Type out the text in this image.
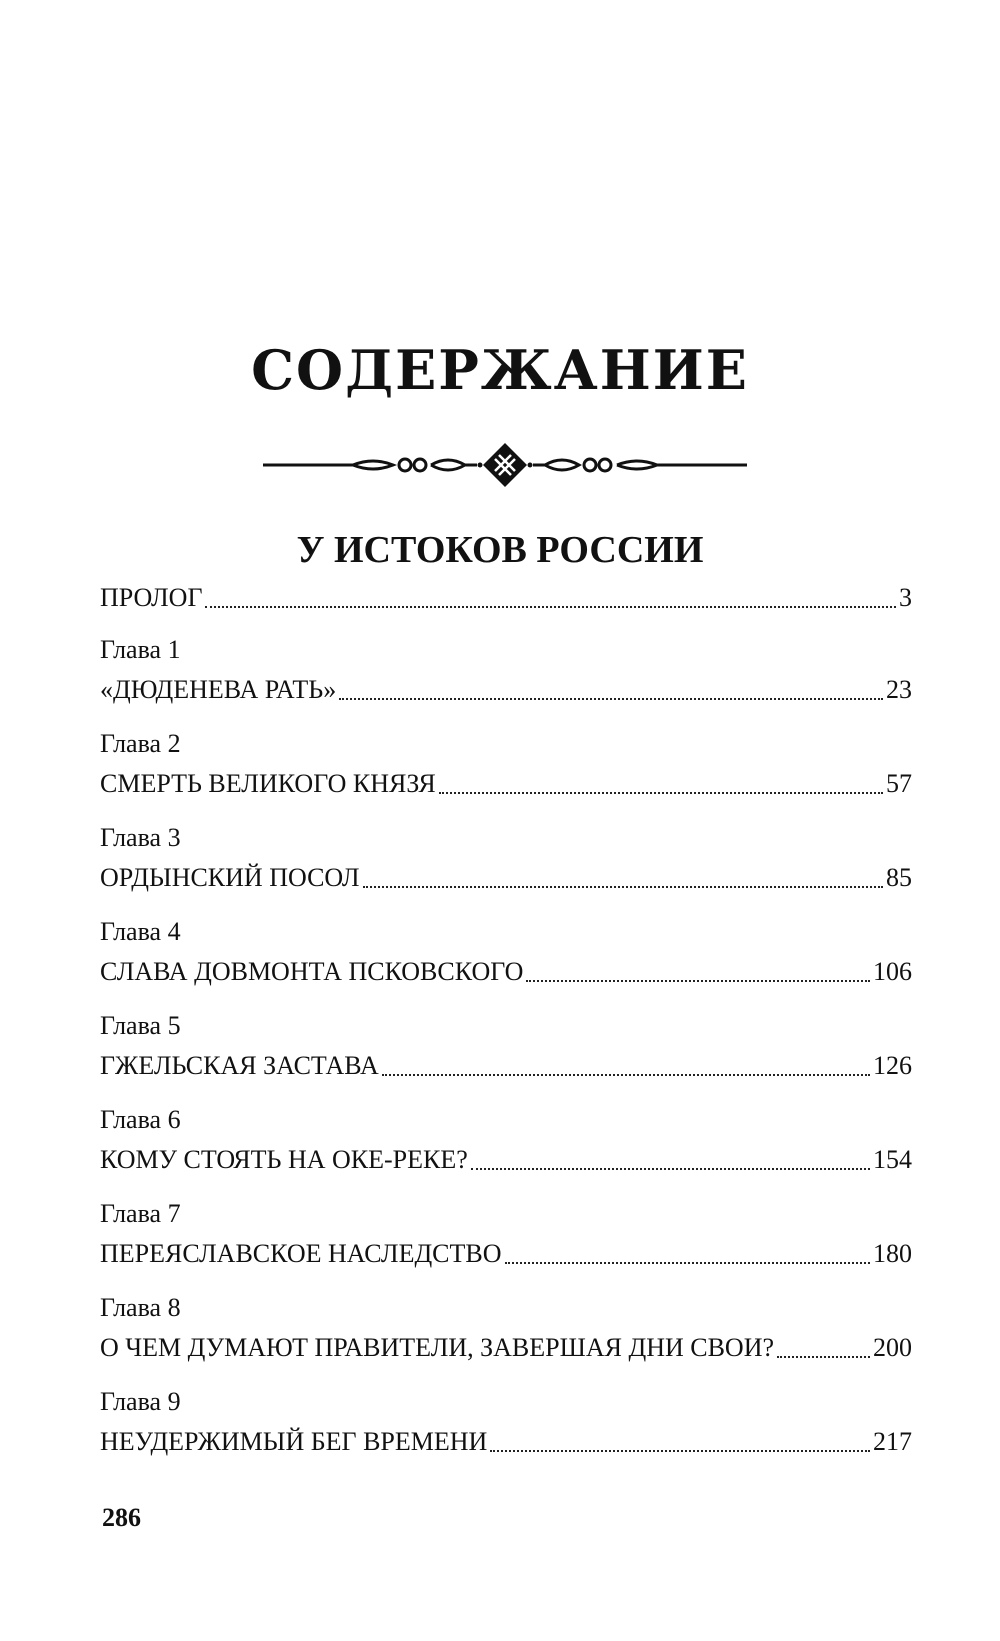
СОДЕРЖАНИЕ
У ИСТОКОВ РОССИИ
ПРОЛОГ	3
Глава 1
«ДЮДЕНЕВА РАТЬ»	23
Глава 2
СМЕРТЬ ВЕЛИКОГО КНЯЗЯ	57
Глава 3
ОРДЫНСКИЙ ПОСОЛ	85
Глава 4
СЛАВА ДОВМОНТА ПСКОВСКОГО	106
Глава 5
ГЖЕЛЬСКАЯ ЗАСТАВА	126
Глава 6
КОМУ СТОЯТЬ НА ОКЕ-РЕКЕ?	154
Глава 7
ПЕРЕЯСЛАВСКОЕ НАСЛЕДСТВО	180
Глава 8
О ЧЕМ ДУМАЮТ ПРАВИТЕЛИ, ЗАВЕРШАЯ ДНИ СВОИ?	200
Глава 9
НЕУДЕРЖИМЫЙ БЕГ ВРЕМЕНИ	217
286
